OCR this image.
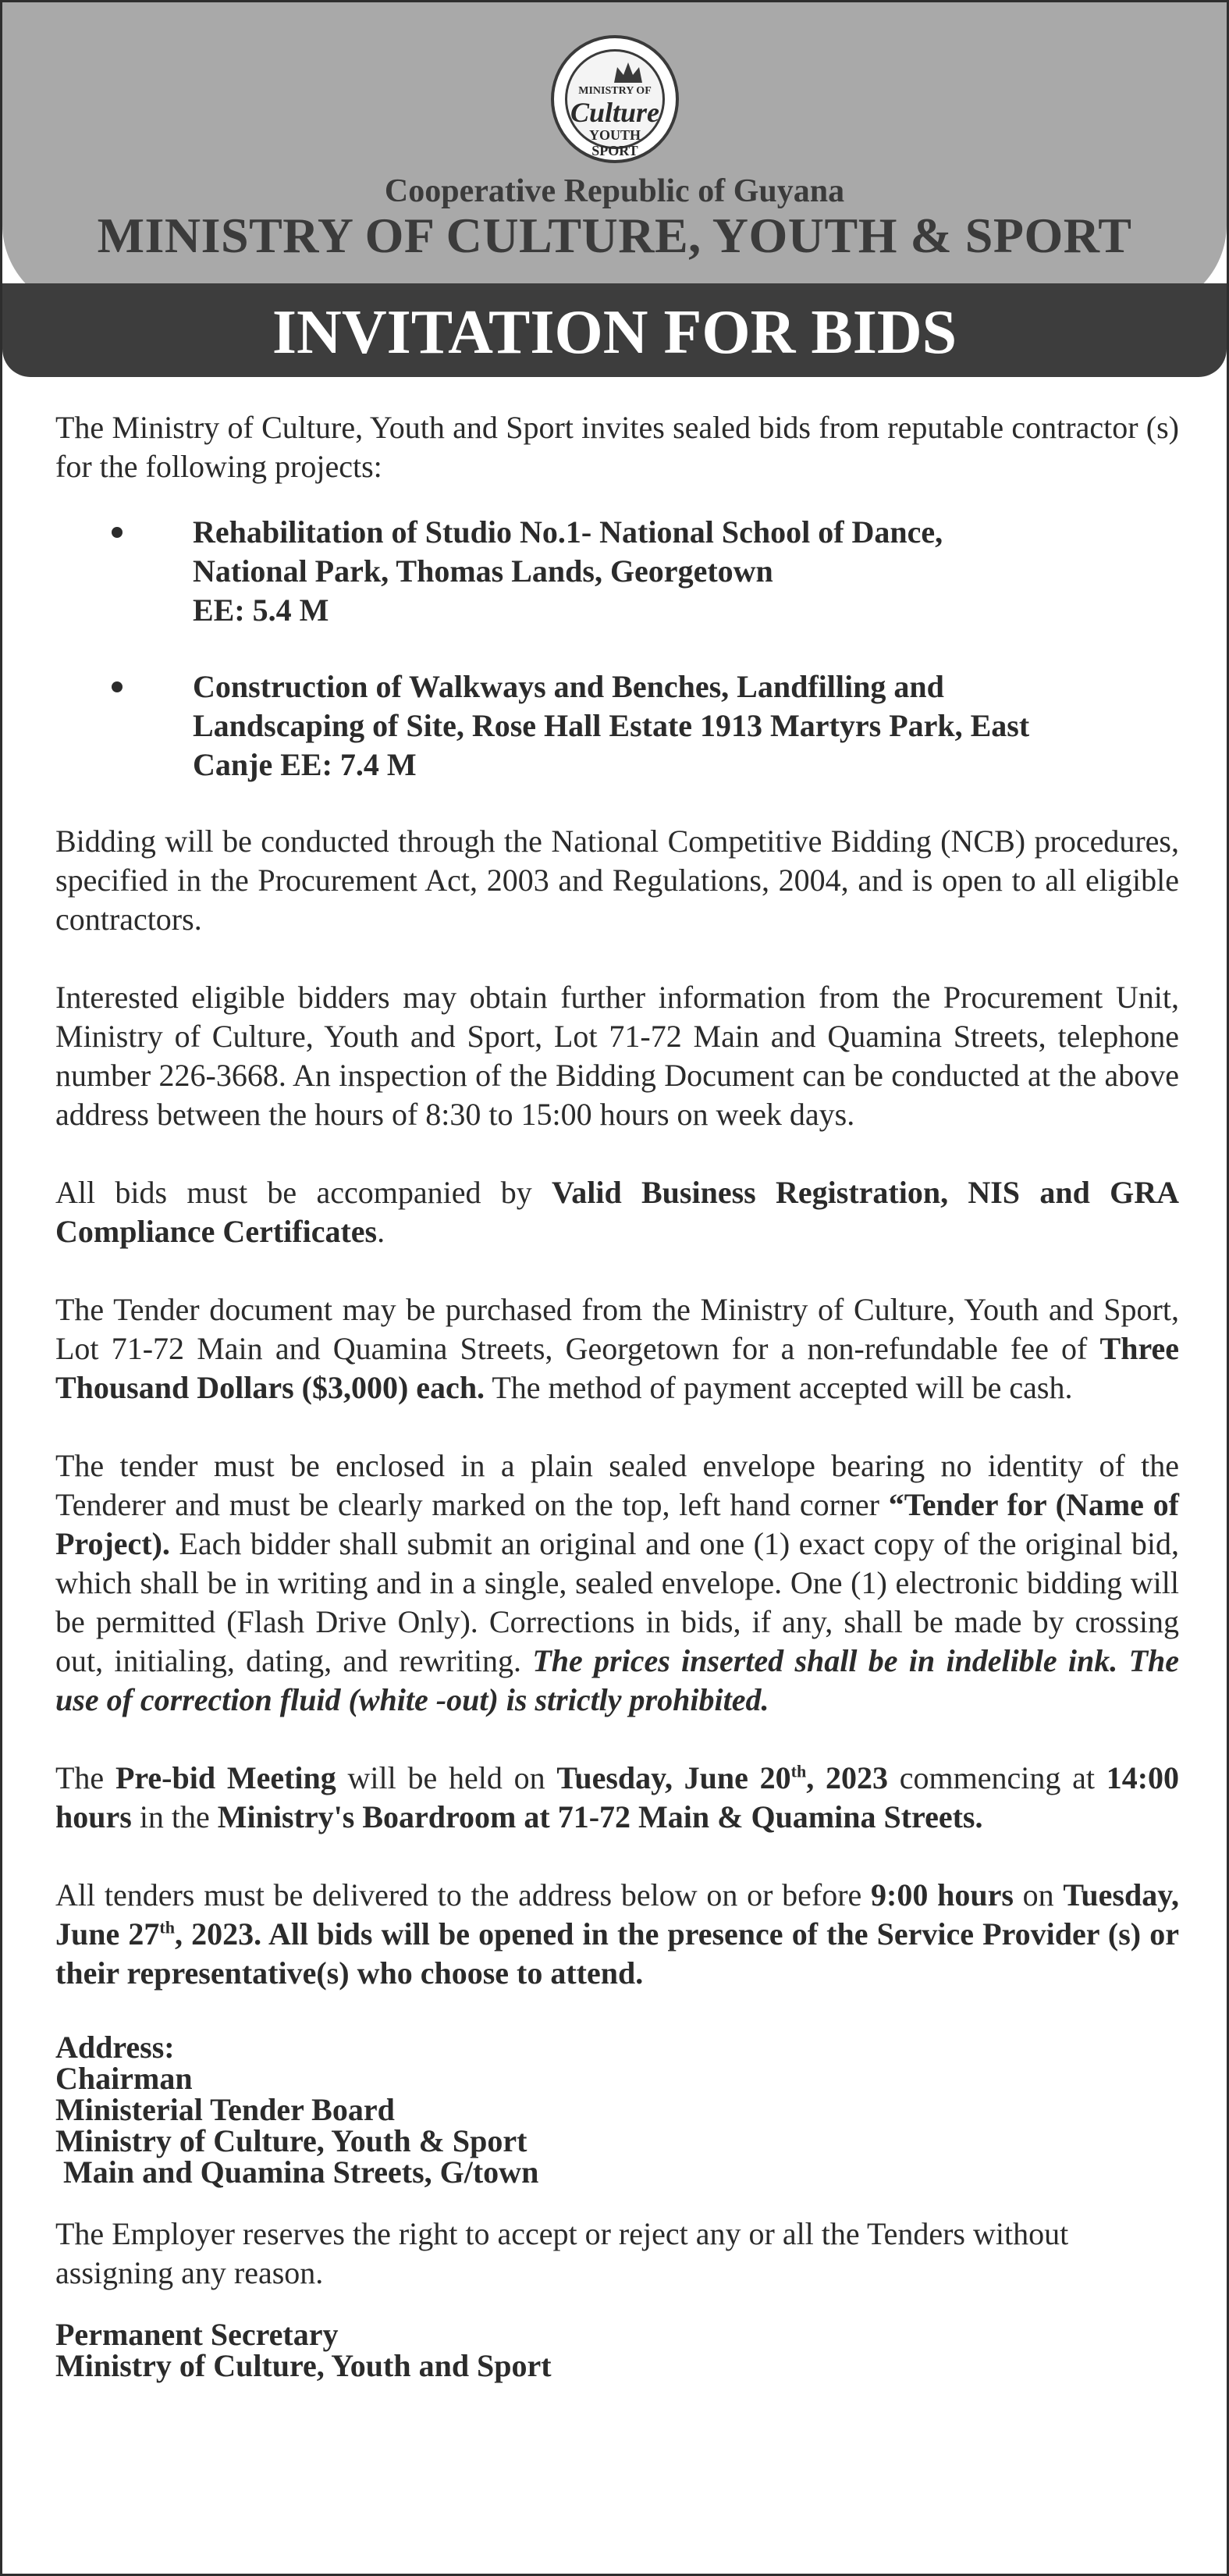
MINISTRY OF
Culture
YOUTH
SPORT
Cooperative Republic of Guyana
MINISTRY OF CULTURE, YOUTH & SPORT
INVITATION FOR BIDS

The Ministry of Culture, Youth and Sport invites sealed bids from reputable contractor (s) for the following projects:

Rehabilitation of Studio No.1- National School of Dance,
National Park, Thomas Lands, Georgetown
EE: 5.4 M
Construction of Walkways and Benches, Landfilling and
Landscaping of Site, Rose Hall Estate 1913 Martyrs Park, East
Canje EE: 7.4 M

Bidding will be conducted through the National Competitive Bidding (NCB) procedures, specified in the Procurement Act, 2003 and Regulations, 2004, and is open to all eligible contractors.

Interested eligible bidders may obtain further information from the Procurement Unit, Ministry of Culture, Youth and Sport, Lot 71-72 Main and Quamina Streets, telephone number 226-3668. An inspection of the Bidding Document can be conducted at the above address between the hours of 8:30 to 15:00 hours on week days.

All bids must be accompanied by Valid Business Registration, NIS and GRA Compliance Certificates.

The Tender document may be purchased from the Ministry of Culture, Youth and Sport, Lot 71-72 Main and Quamina Streets, Georgetown for a non-refundable fee of Three Thousand Dollars ($3,000) each. The method of payment accepted will be cash.

The tender must be enclosed in a plain sealed envelope bearing no identity of the Tenderer and must be clearly marked on the top, left hand corner “Tender for (Name of Project). Each bidder shall submit an original and one (1) exact copy of the original bid, which shall be in writing and in a single, sealed envelope. One (1) electronic bidding will be permitted (Flash Drive Only). Corrections in bids, if any, shall be made by crossing out, initialing, dating, and rewriting. The prices inserted shall be in indelible ink. The use of correction fluid (white -out) is strictly prohibited.

The Pre-bid Meeting will be held on Tuesday, June 20th, 2023 commencing at 14:00 hours in the Ministry's Boardroom at 71-72 Main & Quamina Streets.

All tenders must be delivered to the address below on or before 9:00 hours on Tuesday, June 27th, 2023. All bids will be opened in the presence of the Service Provider (s) or their representative(s) who choose to attend.

Address:
Chairman
Ministerial Tender Board
Ministry of Culture, Youth & Sport
Main and Quamina Streets, G/town

The Employer reserves the right to accept or reject any or all the Tenders without assigning any reason.

Permanent Secretary
Ministry of Culture, Youth and Sport
